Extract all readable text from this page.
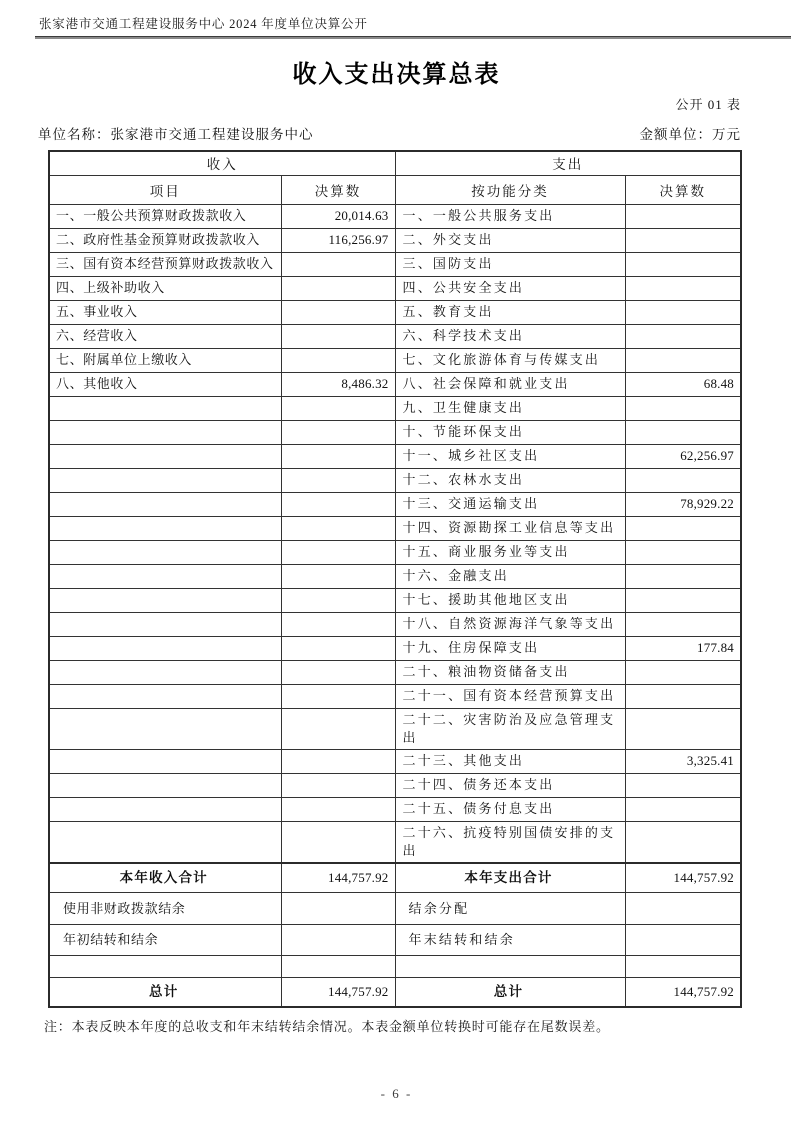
张家港市交通工程建设服务中心 2024 年度单位决算公开
收入支出决算总表
公开 01 表
单位名称：张家港市交通工程建设服务中心	金额单位：万元
收入		支出	
项目	决算数	按功能分类	决算数
一、一般公共预算财政拨款收入	20,014.63	一、一般公共服务支出	
二、政府性基金预算财政拨款收入	116,256.97	二、外交支出	
三、国有资本经营预算财政拨款收入		三、国防支出	
四、上级补助收入		四、公共安全支出	
五、事业收入		五、教育支出	
六、经营收入		六、科学技术支出	
七、附属单位上缴收入		七、文化旅游体育与传媒支出	
八、其他收入	8,486.32	八、社会保障和就业支出	68.48
		九、卫生健康支出	
		十、节能环保支出	
		十一、城乡社区支出	62,256.97
		十二、农林水支出	
		十三、交通运输支出	78,929.22
		十四、资源勘探工业信息等支出	
		十五、商业服务业等支出	
		十六、金融支出	
		十七、援助其他地区支出	
		十八、自然资源海洋气象等支出	
		十九、住房保障支出	177.84
		二十、粮油物资储备支出	
		二十一、国有资本经营预算支出	
		二十二、灾害防治及应急管理支出	
		二十三、其他支出	3,325.41
		二十四、债务还本支出	
		二十五、债务付息支出	
		二十六、抗疫特别国债安排的支出	
本年收入合计	144,757.92	本年支出合计	144,757.92
使用非财政拨款结余		结余分配	
年初结转和结余		年末结转和结余	

总计	144,757.92	总计	144,757.92
注：本表反映本年度的总收支和年末结转结余情况。本表金额单位转换时可能存在尾数误差。
- 6 -
